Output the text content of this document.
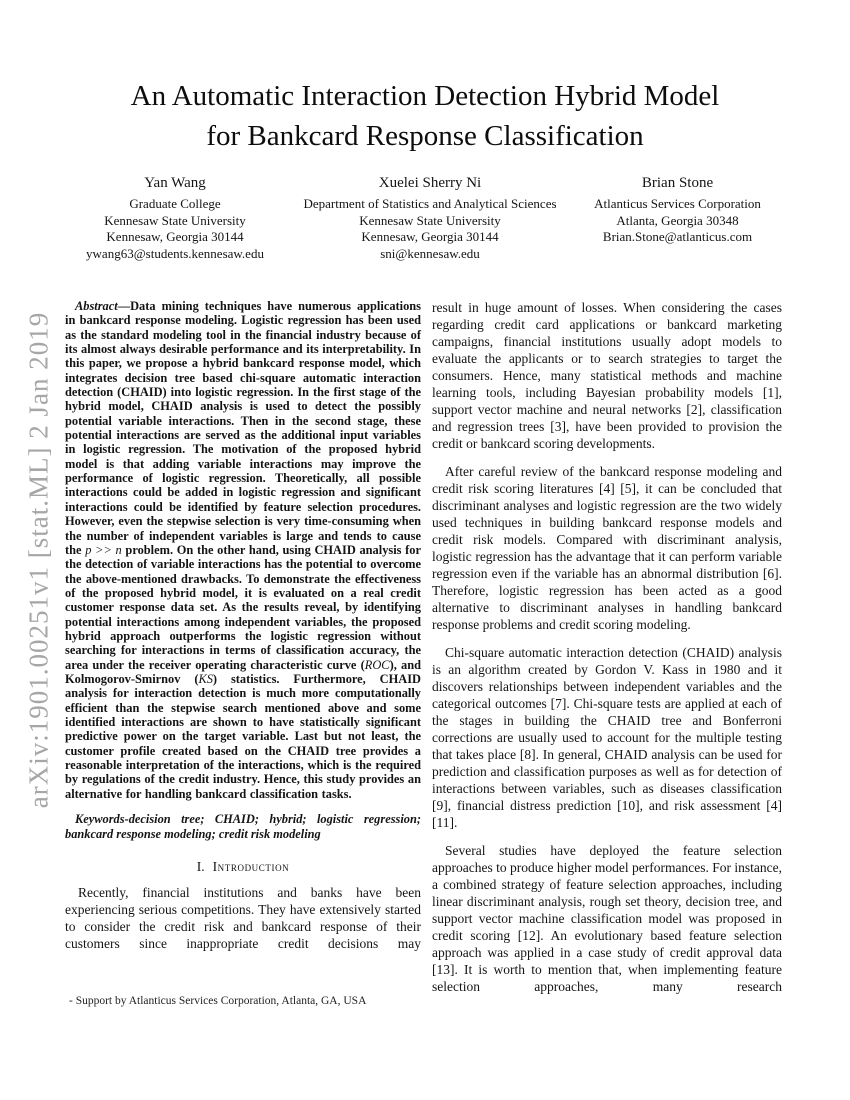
arXiv:1901.00251v1 [stat.ML] 2 Jan 2019
An Automatic Interaction Detection Hybrid Model
for Bankcard Response Classification
Yan Wang
Graduate College
Kennesaw State University
Kennesaw, Georgia 30144
ywang63@students.kennesaw.edu
Xuelei Sherry Ni
Department of Statistics and Analytical Sciences
Kennesaw State University
Kennesaw, Georgia 30144
sni@kennesaw.edu
Brian Stone
Atlanticus Services Corporation
Atlanta, Georgia 30348
Brian.Stone@atlanticus.com
Abstract—Data mining techniques have numerous applications in bankcard response modeling. Logistic regression has been used as the standard modeling tool in the financial industry because of its almost always desirable performance and its interpretability. In this paper, we propose a hybrid bankcard response model, which integrates decision tree based chi-square automatic interaction detection (CHAID) into logistic regression. In the first stage of the hybrid model, CHAID analysis is used to detect the possibly potential variable interactions. Then in the second stage, these potential interactions are served as the additional input variables in logistic regression. The motivation of the proposed hybrid model is that adding variable interactions may improve the performance of logistic regression. Theoretically, all possible interactions could be added in logistic regression and significant interactions could be identified by feature selection procedures. However, even the stepwise selection is very time-consuming when the number of independent variables is large and tends to cause the p >> n problem. On the other hand, using CHAID analysis for the detection of variable interactions has the potential to overcome the above-mentioned drawbacks. To demonstrate the effectiveness of the proposed hybrid model, it is evaluated on a real credit customer response data set. As the results reveal, by identifying potential interactions among independent variables, the proposed hybrid approach outperforms the logistic regression without searching for interactions in terms of classification accuracy, the area under the receiver operating characteristic curve (ROC), and Kolmogorov-Smirnov (KS) statistics. Furthermore, CHAID analysis for interaction detection is much more computationally efficient than the stepwise search mentioned above and some identified interactions are shown to have statistically significant predictive power on the target variable. Last but not least, the customer profile created based on the CHAID tree provides a reasonable interpretation of the interactions, which is the required by regulations of the credit industry. Hence, this study provides an alternative for handling bankcard classification tasks.
Keywords-decision tree; CHAID; hybrid; logistic regression; bankcard response modeling; credit risk modeling
I. Introduction

Recently, financial institutions and banks have been experiencing serious competitions. They have extensively started to consider the credit risk and bankcard response of their customers since inappropriate credit decisions may

- Support by Atlanticus Services Corporation, Atlanta, GA, USA

result in huge amount of losses. When considering the cases regarding credit card applications or bankcard marketing campaigns, financial institutions usually adopt models to evaluate the applicants or to search strategies to target the consumers. Hence, many statistical methods and machine learning tools, including Bayesian probability models [1], support vector machine and neural networks [2], classification and regression trees [3], have been provided to provision the credit or bankcard scoring developments.

After careful review of the bankcard response modeling and credit risk scoring literatures [4] [5], it can be concluded that discriminant analyses and logistic regression are the two widely used techniques in building bankcard response models and credit risk models. Compared with discriminant analysis, logistic regression has the advantage that it can perform variable regression even if the variable has an abnormal distribution [6]. Therefore, logistic regression has been acted as a good alternative to discriminant analyses in handling bankcard response problems and credit scoring modeling.

Chi-square automatic interaction detection (CHAID) analysis is an algorithm created by Gordon V. Kass in 1980 and it discovers relationships between independent variables and the categorical outcomes [7]. Chi-square tests are applied at each of the stages in building the CHAID tree and Bonferroni corrections are usually used to account for the multiple testing that takes place [8]. In general, CHAID analysis can be used for prediction and classification purposes as well as for detection of interactions between variables, such as diseases classification [9], financial distress prediction [10], and risk assessment [4] [11].

Several studies have deployed the feature selection approaches to produce higher model performances. For instance, a combined strategy of feature selection approaches, including linear discriminant analysis, rough set theory, decision tree, and support vector machine classification model was proposed in credit scoring [12]. An evolutionary based feature selection approach was applied in a case study of credit approval data [13]. It is worth to mention that, when implementing feature selection approaches, many research
